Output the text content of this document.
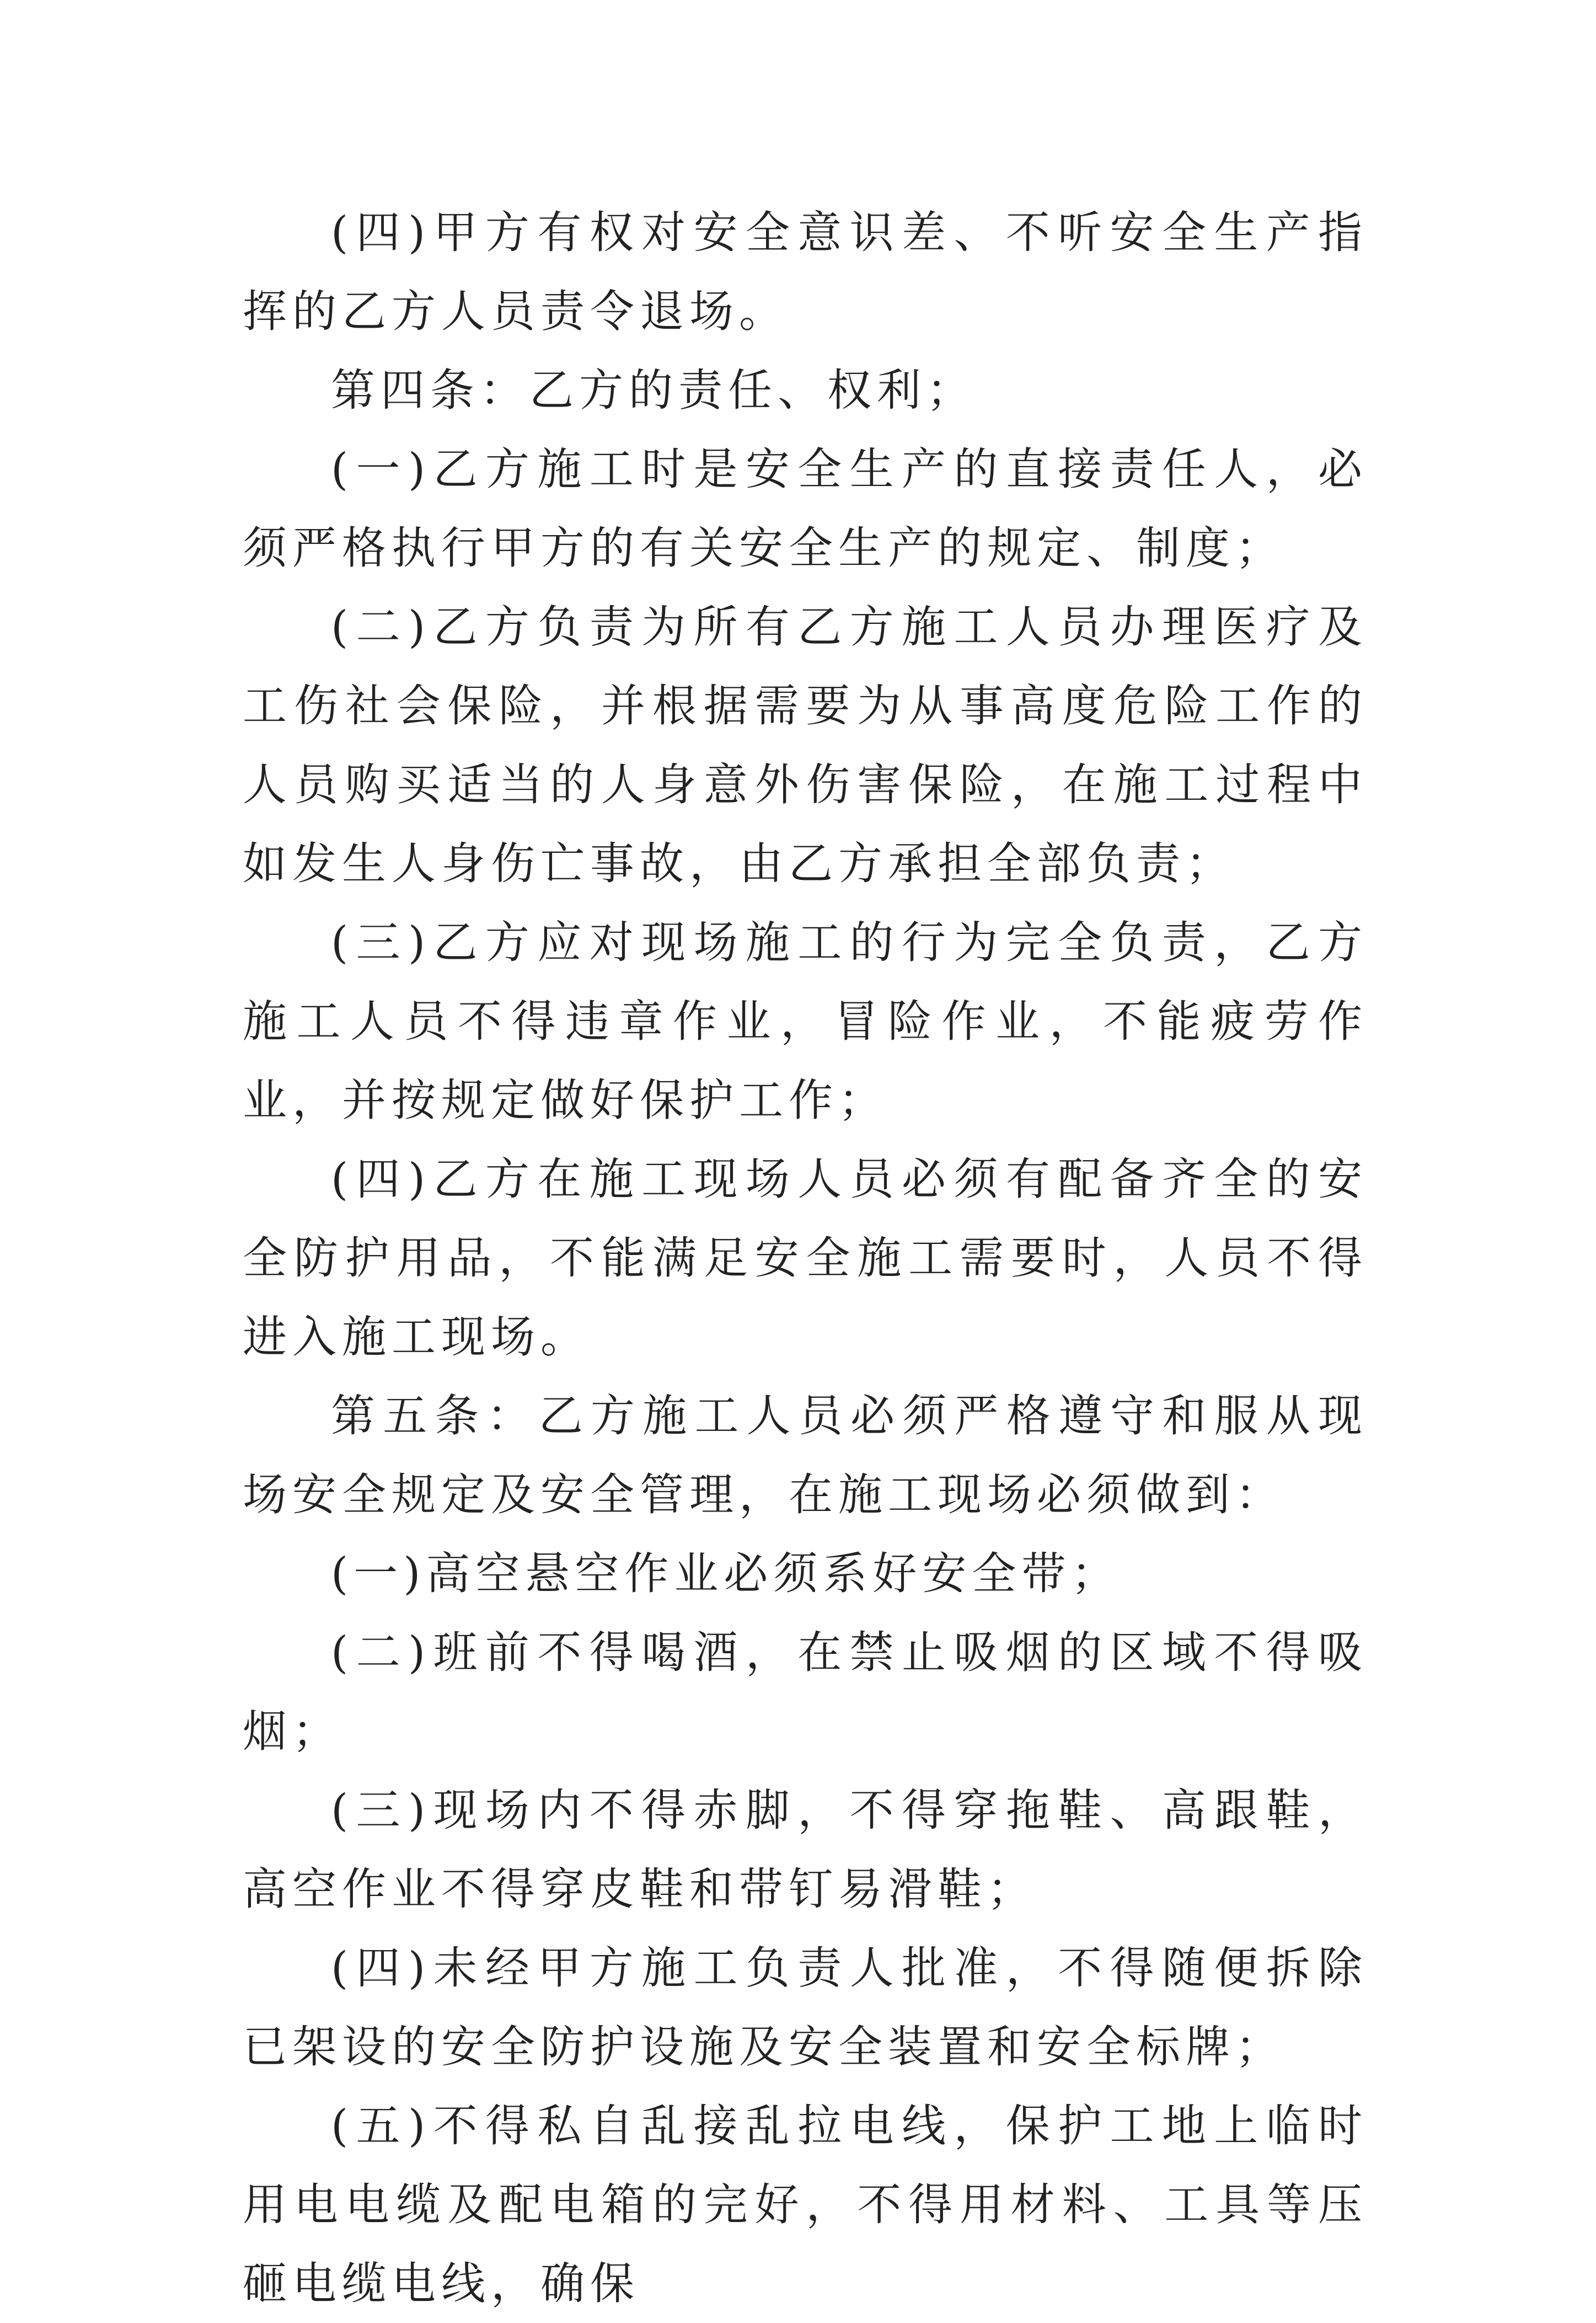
(四)甲方有权对安全意识差、不听安全生产指挥的乙方人员责令退场。

第四条：乙方的责任、权利；

(一)乙方施工时是安全生产的直接责任人，必须严格执行甲方的有关安全生产的规定、制度；

(二)乙方负责为所有乙方施工人员办理医疗及工伤社会保险，并根据需要为从事高度危险工作的人员购买适当的人身意外伤害保险，在施工过程中如发生人身伤亡事故，由乙方承担全部负责；

(三)乙方应对现场施工的行为完全负责，乙方施工人员不得违章作业，冒险作业，不能疲劳作业，并按规定做好保护工作；

(四)乙方在施工现场人员必须有配备齐全的安全防护用品，不能满足安全施工需要时，人员不得进入施工现场。

第五条：乙方施工人员必须严格遵守和服从现场安全规定及安全管理，在施工现场必须做到：

(一)高空悬空作业必须系好安全带；

(二)班前不得喝酒，在禁止吸烟的区域不得吸烟；

(三)现场内不得赤脚，不得穿拖鞋、高跟鞋，高空作业不得穿皮鞋和带钉易滑鞋；

(四)未经甲方施工负责人批准，不得随便拆除已架设的安全防护设施及安全装置和安全标牌；

(五)不得私自乱接乱拉电线，保护工地上临时用电电缆及配电箱的完好，不得用材料、工具等压砸电缆电线，确保
